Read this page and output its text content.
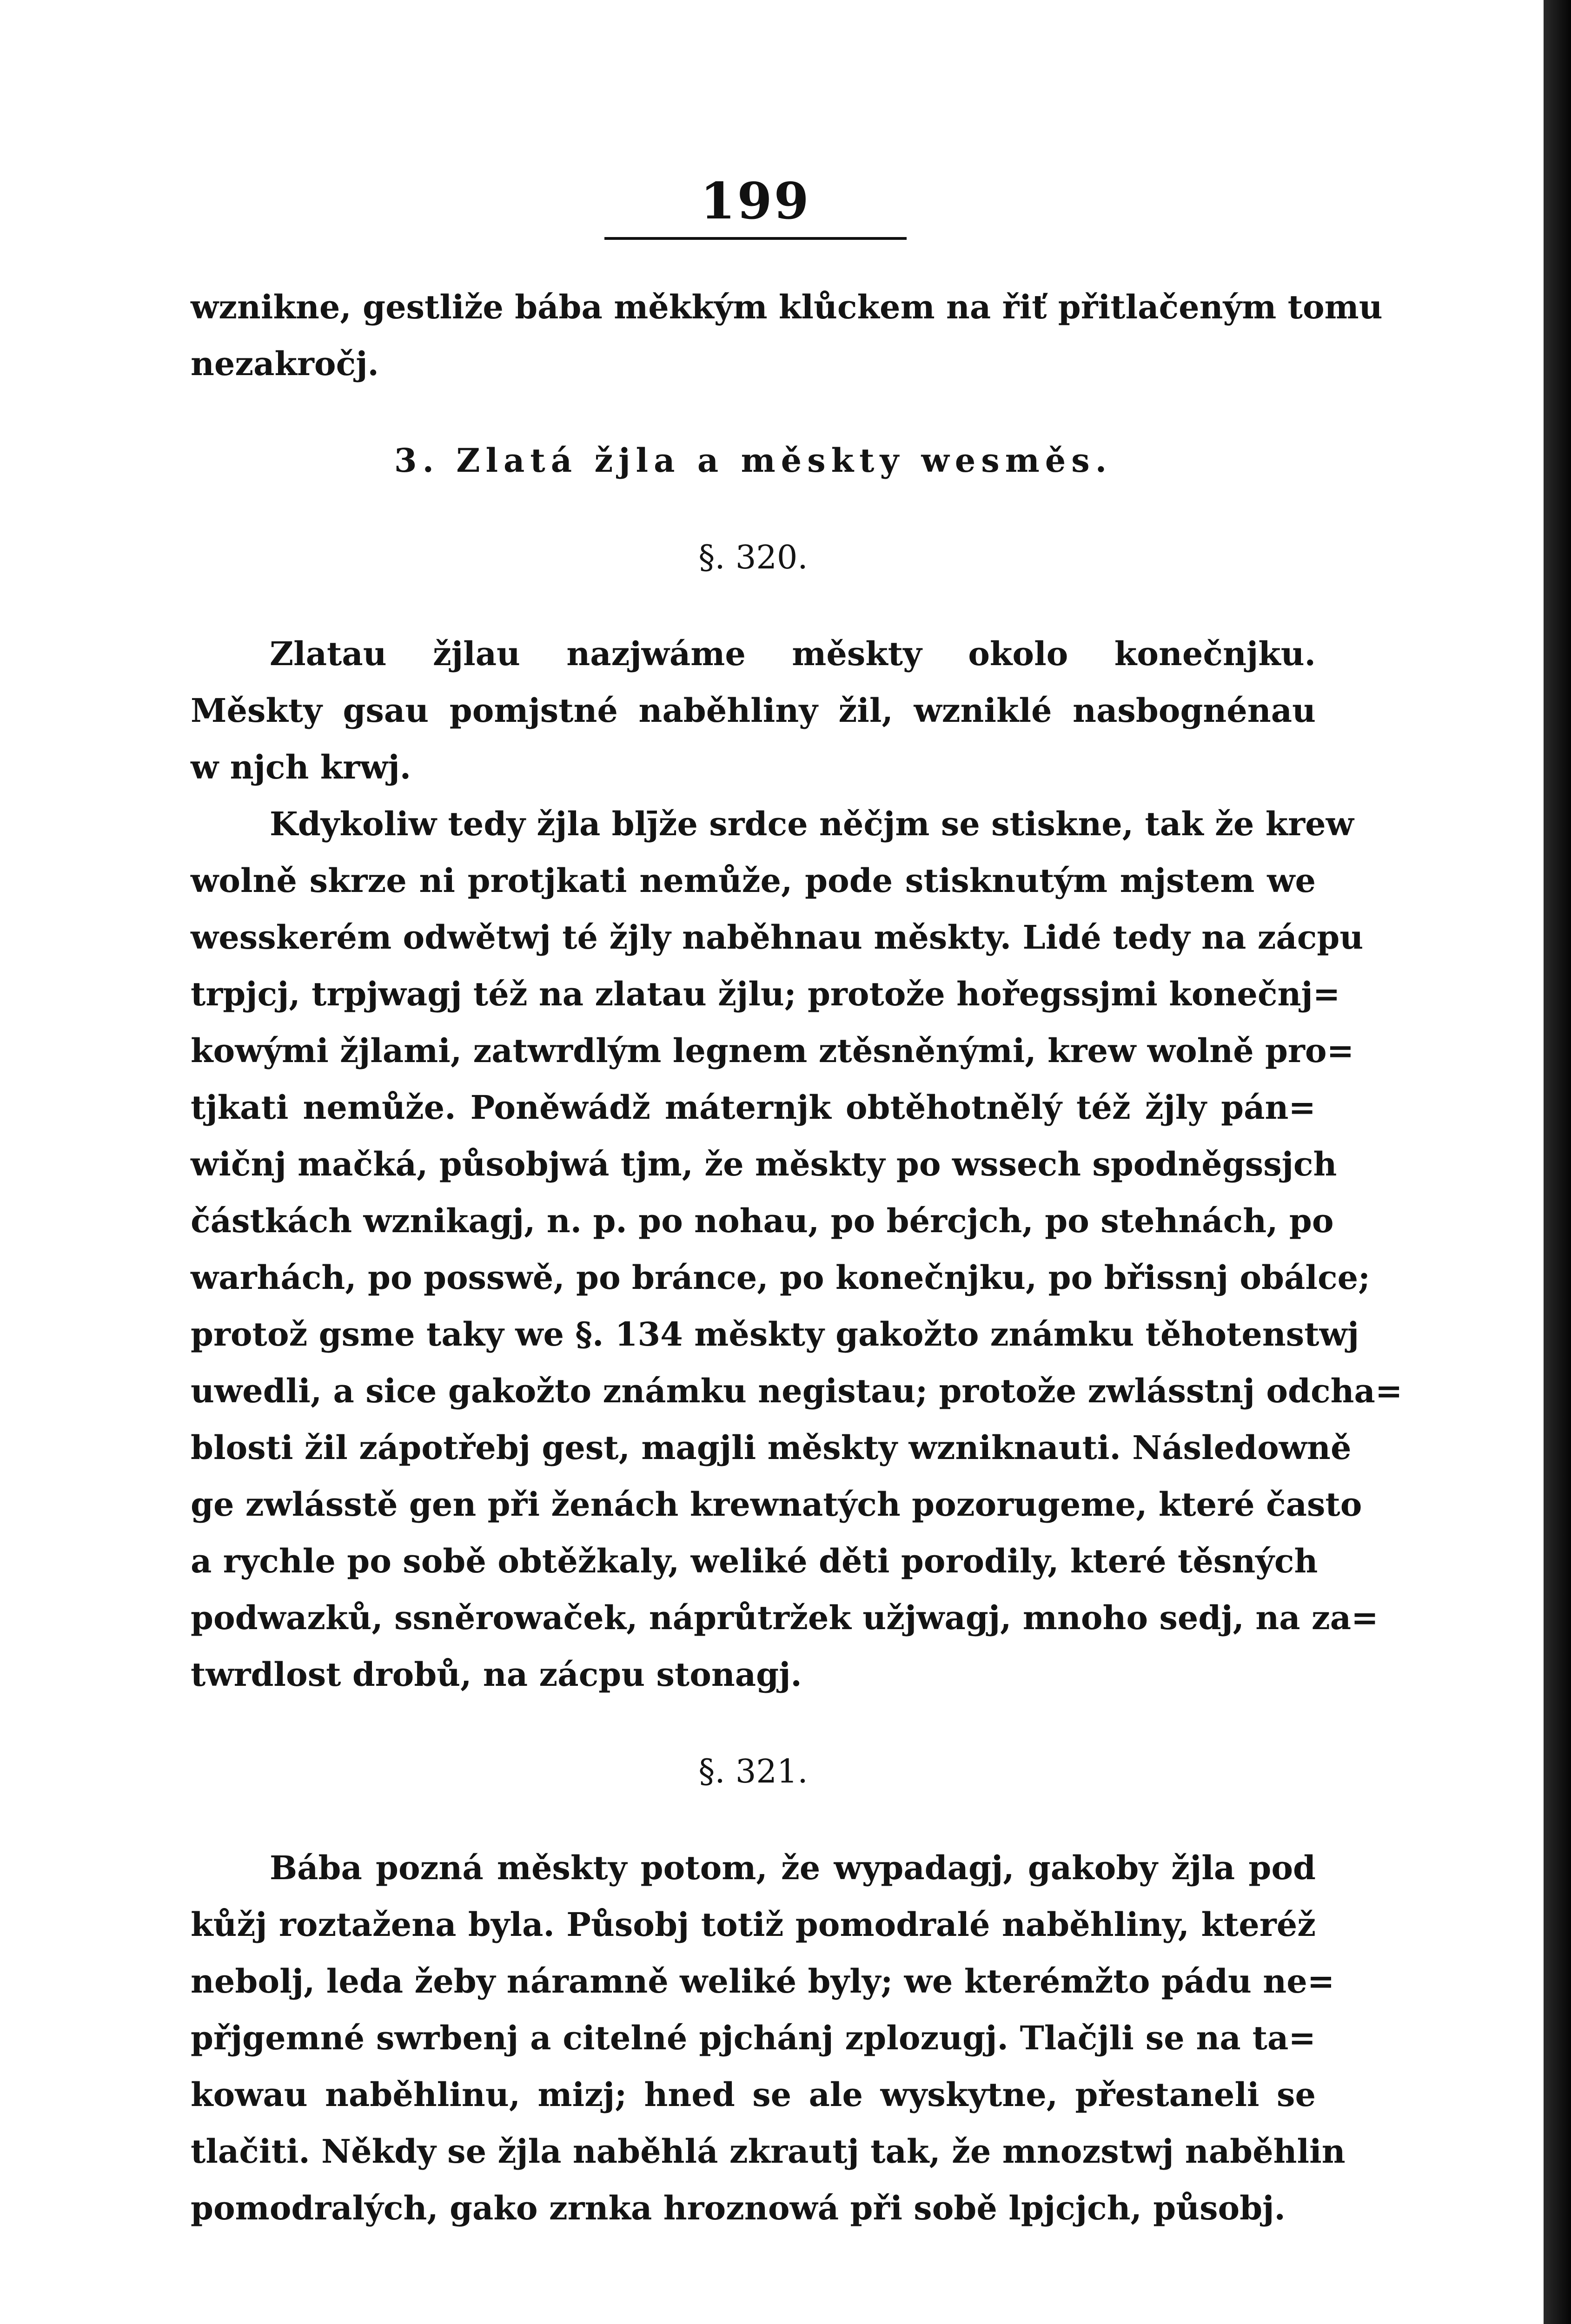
199
wznikne, gestliže bába měkkým klůckem na řiť přitlačeným tomu
nezakročj.
3. Zlatá žjla a měskty wesměs.
§. 320.
Zlatau žjlau nazjwáme měskty okolo konečnjku.
Měskty gsau pomjstné naběhliny žil, wzniklé nasbognénau
w njch krwj.
Kdykoliw tedy žjla blj̄že srdce něčjm se stiskne, tak že krew
wolně skrze ni protjkati nemůže, pode stisknutým mjstem we
wesskerém odwětwj té žjly naběhnau měskty. Lidé tedy na zácpu
trpjcj, trpjwagj též na zlatau žjlu; protože hořegssjmi konečnj=
kowými žjlami, zatwrdlým legnem ztěsněnými, krew wolně pro=
tjkati nemůže. Poněwádž máternjk obtěhotnělý též žjly pán=
wičnj mačká, působjwá tjm, že měskty po wssech spodněgssjch
částkách wznikagj, n. p. po nohau, po bércjch, po stehnách, po
warhách, po posswě, po bránce, po konečnjku, po břissnj obálce;
protož gsme taky we §. 134 měskty gakožto známku těhotenstwj
uwedli, a sice gakožto známku negistau; protože zwlásstnj odcha=
blosti žil zápotřebj gest, magjli měskty wzniknauti. Následowně
ge zwlásstě gen při ženách krewnatých pozorugeme, které často
a rychle po sobě obtěžkaly, weliké děti porodily, které těsných
podwazků, ssněrowaček, náprůtržek užjwagj, mnoho sedj, na za=
twrdlost drobů, na zácpu stonagj.
§. 321.
Bába pozná měskty potom, že wypadagj, gakoby žjla pod
kůžj roztažena byla. Působj totiž pomodralé naběhliny, kteréž
nebolj, leda žeby náramně weliké byly; we kterémžto pádu ne=
přjgemné swrbenj a citelné pjchánj zplozugj. Tlačjli se na ta=
kowau naběhlinu, mizj; hned se ale wyskytne, přestaneli se
tlačiti. Někdy se žjla naběhlá zkrautj tak, že mnozstwj naběhlin
pomodralých, gako zrnka hroznowá při sobě lpjcjch, působj.
